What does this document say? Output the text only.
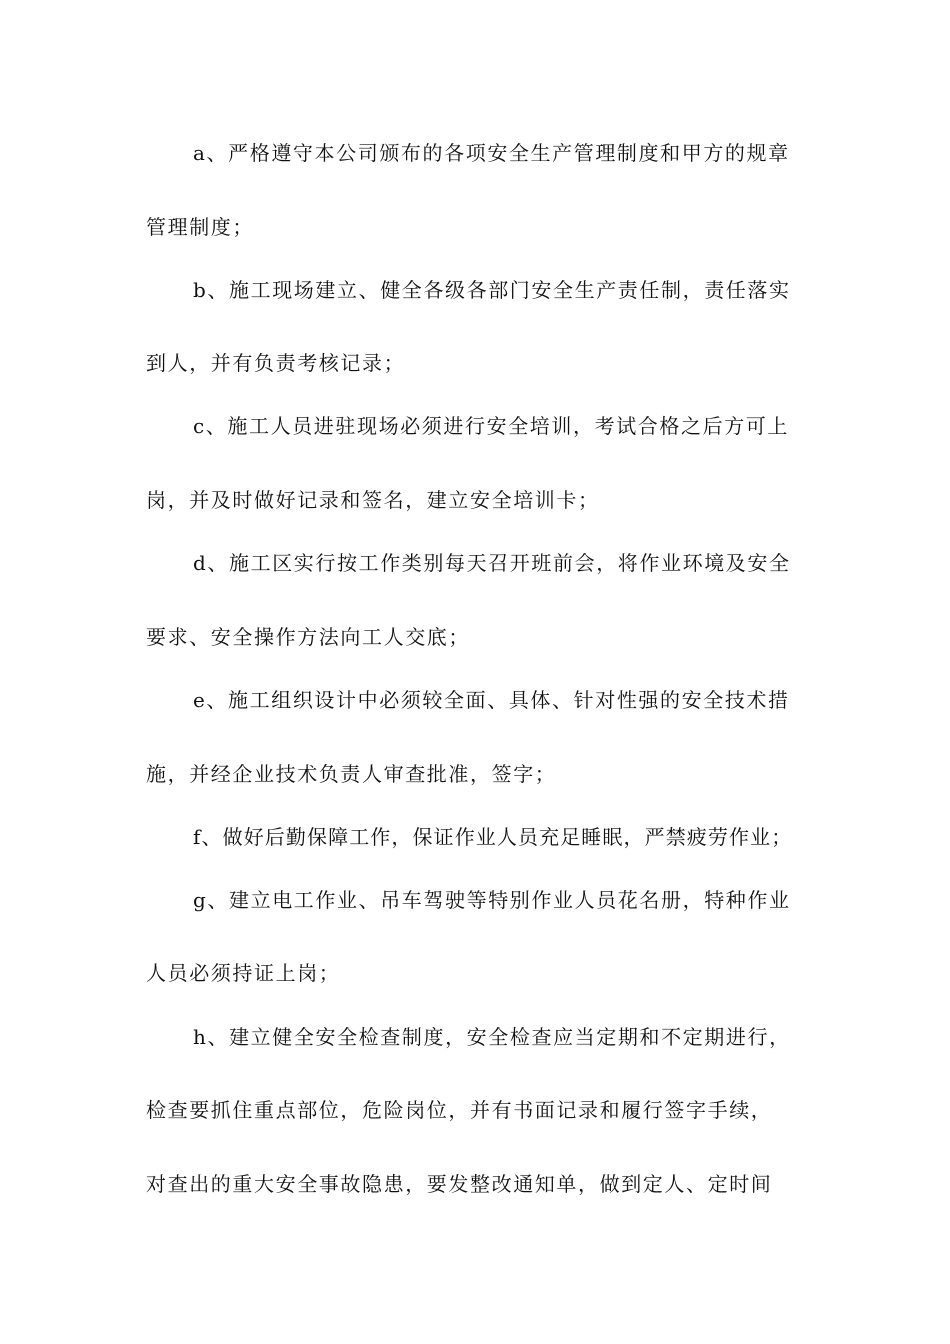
a、严格遵守本公司颁布的各项安全生产管理制度和甲方的规章
管理制度；
b、施工现场建立、健全各级各部门安全生产责任制，责任落实
到人，并有负责考核记录；
c、施工人员进驻现场必须进行安全培训，考试合格之后方可上
岗，并及时做好记录和签名，建立安全培训卡；
d、施工区实行按工作类别每天召开班前会，将作业环境及安全
要求、安全操作方法向工人交底；
e、施工组织设计中必须较全面、具体、针对性强的安全技术措
施，并经企业技术负责人审查批准，签字；
f、做好后勤保障工作，保证作业人员充足睡眠，严禁疲劳作业；
g、建立电工作业、吊车驾驶等特别作业人员花名册，特种作业
人员必须持证上岗；
h、建立健全安全检查制度，安全检查应当定期和不定期进行，
检查要抓住重点部位，危险岗位，并有书面记录和履行签字手续，
对查出的重大安全事故隐患，要发整改通知单，做到定人、定时间
